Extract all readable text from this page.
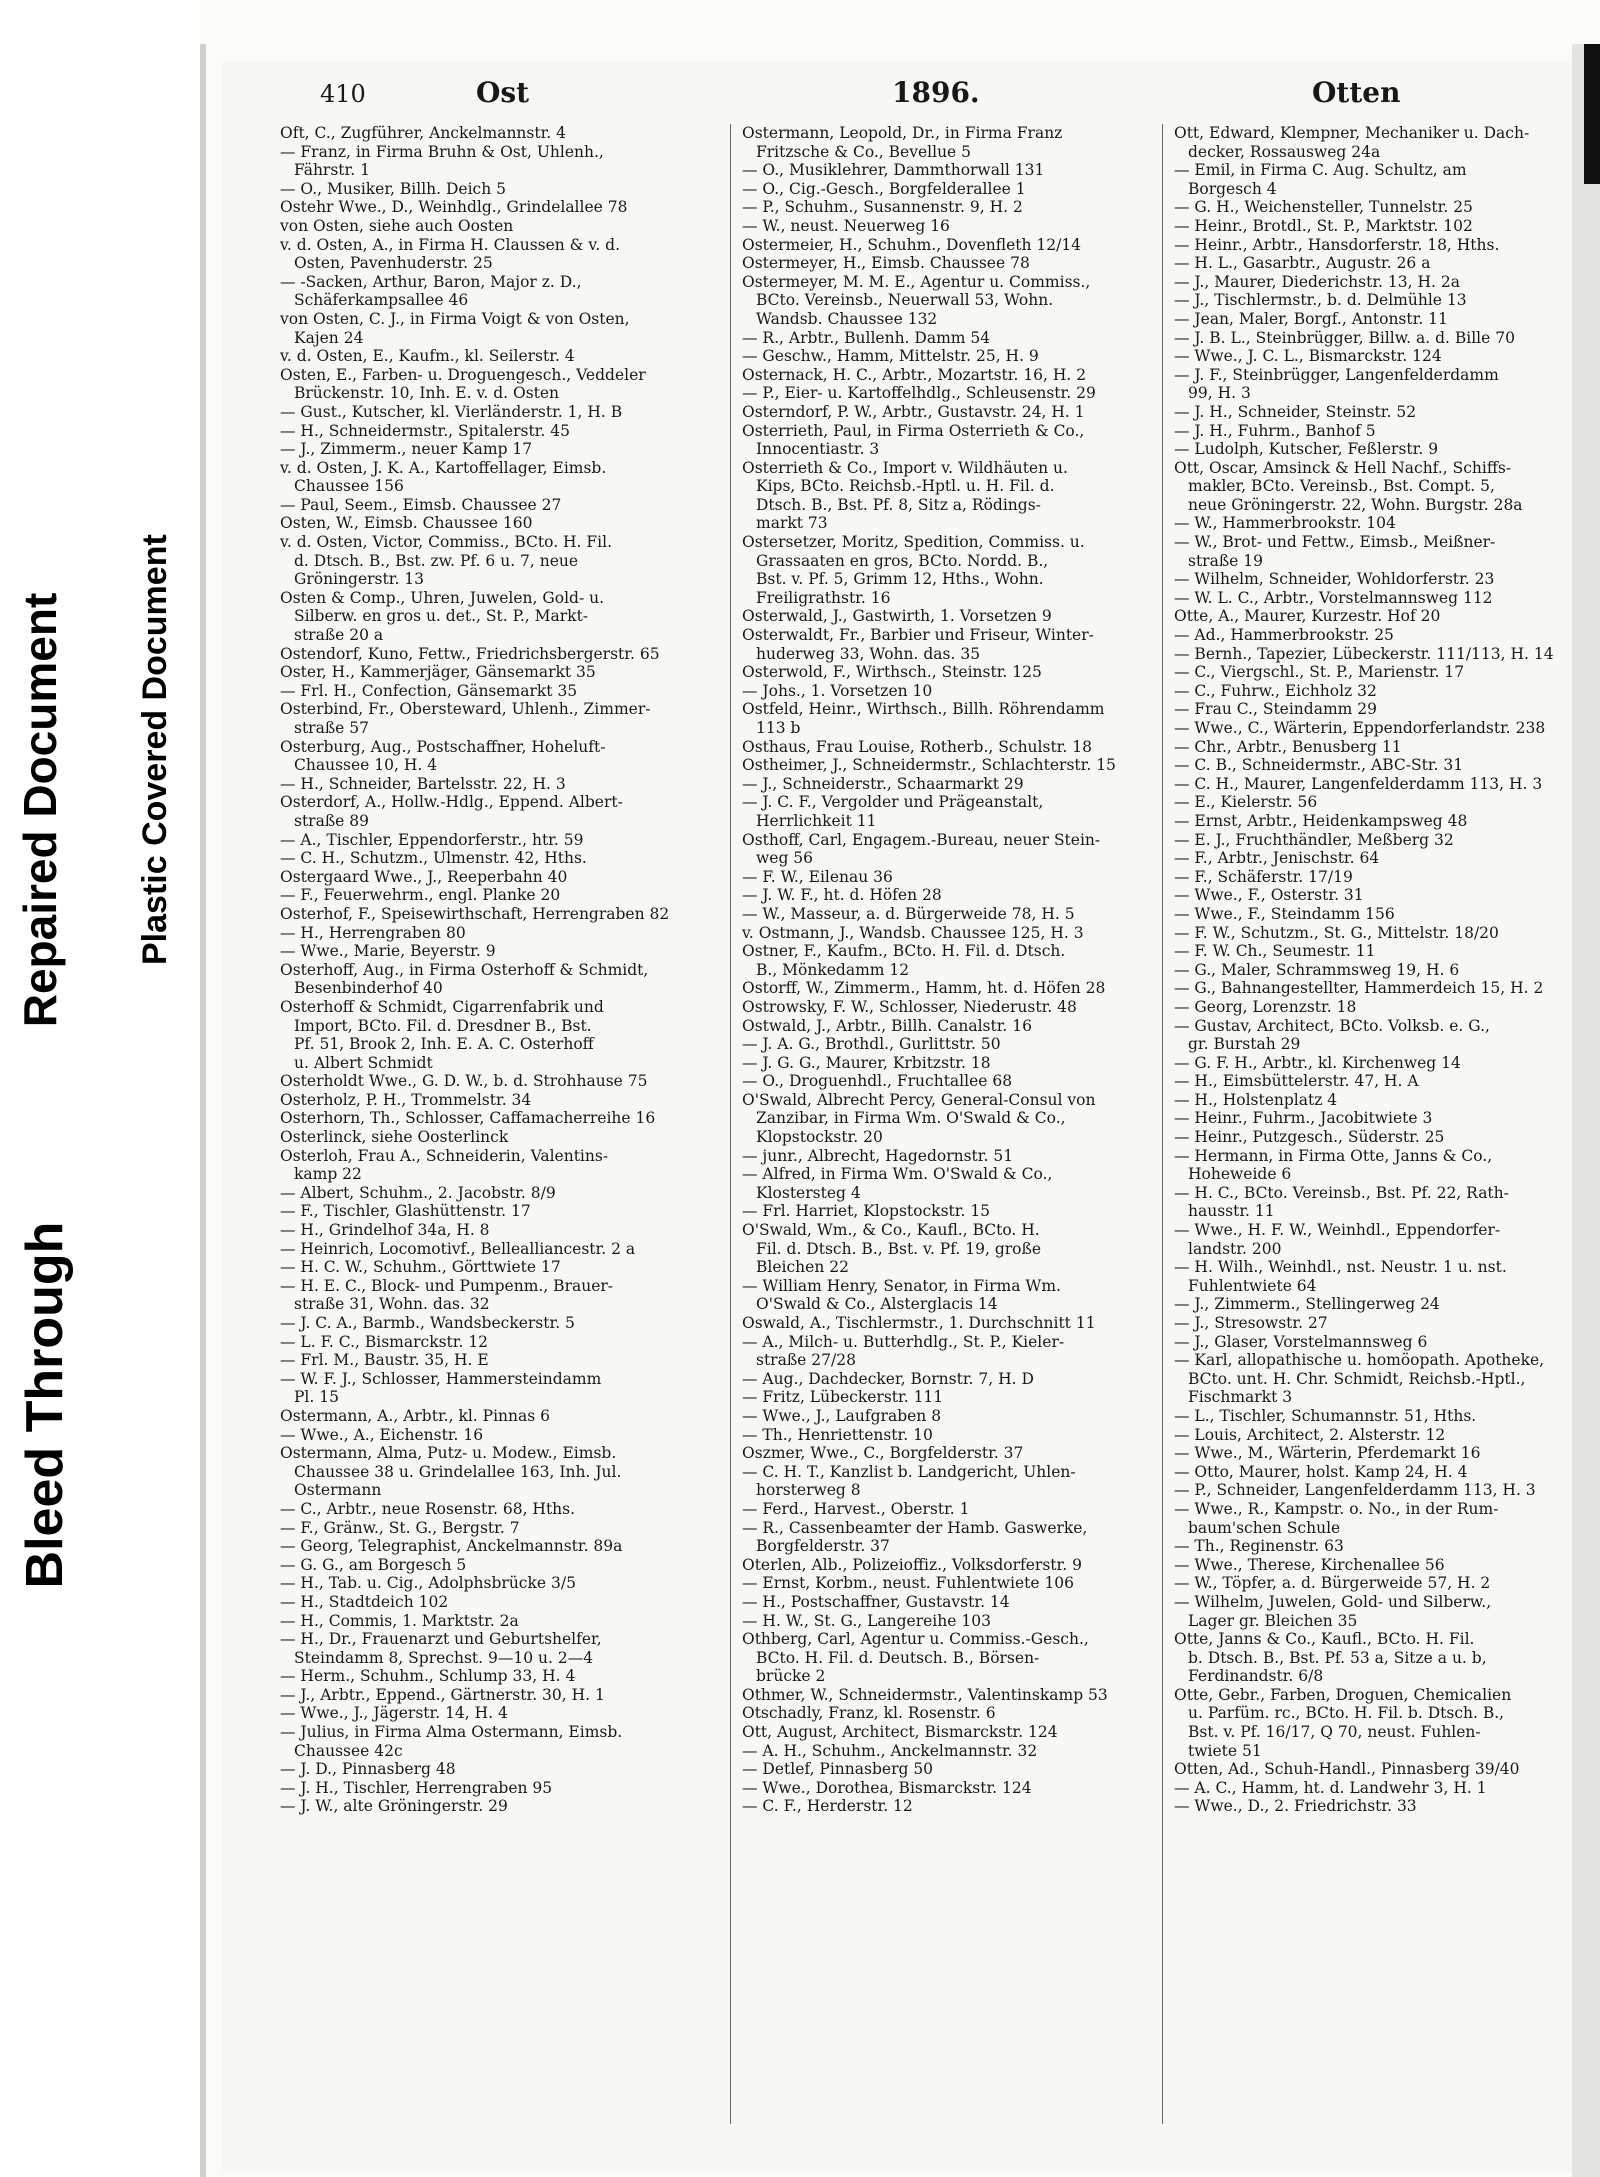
Bleed Through
Repaired Document Plastic Covered Document
410	Ost	1896.	Otten
Oft, C., Zugführer, Anckelmannstr. 4
— Franz, in Firma Bruhn & Ost, Uhlenh.,
Fährstr. 1
— O., Musiker, Billh. Deich 5
Ostehr Wwe., D., Weinhdlg., Grindelallee 78
von Osten, siehe auch Oosten
v. d. Osten, A., in Firma H. Claussen & v. d.
Osten, Pavenhuderstr. 25
— -Sacken, Arthur, Baron, Major z. D.,
Schäferkampsallee 46
von Osten, C. J., in Firma Voigt & von Osten,
Kajen 24
v. d. Osten, E., Kaufm., kl. Seilerstr. 4
Osten, E., Farben- u. Droguengesch., Veddeler
Brückenstr. 10, Inh. E. v. d. Osten
— Gust., Kutscher, kl. Vierländerstr. 1, H. B
— H., Schneidermstr., Spitalerstr. 45
— J., Zimmerm., neuer Kamp 17
v. d. Osten, J. K. A., Kartoffellager, Eimsb.
Chaussee 156
— Paul, Seem., Eimsb. Chaussee 27
Osten, W., Eimsb. Chaussee 160
v. d. Osten, Victor, Commiss., BCto. H. Fil.
d. Dtsch. B., Bst. zw. Pf. 6 u. 7, neue
Gröningerstr. 13
Osten & Comp., Uhren, Juwelen, Gold- u.
Silberw. en gros u. det., St. P., Markt-
straße 20 a
Ostendorf, Kuno, Fettw., Friedrichsbergerstr. 65
Oster, H., Kammerjäger, Gänsemarkt 35
— Frl. H., Confection, Gänsemarkt 35
Osterbind, Fr., Obersteward, Uhlenh., Zimmer-
straße 57
Osterburg, Aug., Postschaffner, Hoheluft-
Chaussee 10, H. 4
— H., Schneider, Bartelsstr. 22, H. 3
Osterdorf, A., Hollw.-Hdlg., Eppend. Albert-
straße 89
— A., Tischler, Eppendorferstr., htr. 59
— C. H., Schutzm., Ulmenstr. 42, Hths.
Ostergaard Wwe., J., Reeperbahn 40
— F., Feuerwehrm., engl. Planke 20
Osterhof, F., Speisewirthschaft, Herrengraben 82
— H., Herrengraben 80
— Wwe., Marie, Beyerstr. 9
Osterhoff, Aug., in Firma Osterhoff & Schmidt,
Besenbinderhof 40
Osterhoff & Schmidt, Cigarrenfabrik und
Import, BCto. Fil. d. Dresdner B., Bst.
Pf. 51, Brook 2, Inh. E. A. C. Osterhoff
u. Albert Schmidt
Osterholdt Wwe., G. D. W., b. d. Strohhause 75
Osterholz, P. H., Trommelstr. 34
Osterhorn, Th., Schlosser, Caffamacherreihe 16
Osterlinck, siehe Oosterlinck
Osterloh, Frau A., Schneiderin, Valentins-
kamp 22
— Albert, Schuhm., 2. Jacobstr. 8/9
— F., Tischler, Glashüttenstr. 17
— H., Grindelhof 34a, H. 8
— Heinrich, Locomotivf., Bellealliancestr. 2 a
— H. C. W., Schuhm., Görttwiete 17
— H. E. C., Block- und Pumpenm., Brauer-
straße 31, Wohn. das. 32
— J. C. A., Barmb., Wandsbeckerstr. 5
— L. F. C., Bismarckstr. 12
— Frl. M., Baustr. 35, H. E
— W. F. J., Schlosser, Hammersteindamm
Pl. 15
Ostermann, A., Arbtr., kl. Pinnas 6
— Wwe., A., Eichenstr. 16
Ostermann, Alma, Putz- u. Modew., Eimsb.
Chaussee 38 u. Grindelallee 163, Inh. Jul.
Ostermann
— C., Arbtr., neue Rosenstr. 68, Hths.
— F., Gränw., St. G., Bergstr. 7
— Georg, Telegraphist, Anckelmannstr. 89a
— G. G., am Borgesch 5
— H., Tab. u. Cig., Adolphsbrücke 3/5
— H., Stadtdeich 102
— H., Commis, 1. Marktstr. 2a
— H., Dr., Frauenarzt und Geburtshelfer,
Steindamm 8, Sprechst. 9—10 u. 2—4
— Herm., Schuhm., Schlump 33, H. 4
— J., Arbtr., Eppend., Gärtnerstr. 30, H. 1
— Wwe., J., Jägerstr. 14, H. 4
— Julius, in Firma Alma Ostermann, Eimsb.
Chaussee 42c
— J. D., Pinnasberg 48
— J. H., Tischler, Herrengraben 95
— J. W., alte Gröningerstr. 29
Ostermann, Leopold, Dr., in Firma Franz
Fritzsche & Co., Bevellue 5
— O., Musiklehrer, Dammthorwall 131
— O., Cig.-Gesch., Borgfelderallee 1
— P., Schuhm., Susannenstr. 9, H. 2
— W., neust. Neuerweg 16
Ostermeier, H., Schuhm., Dovenfleth 12/14
Ostermeyer, H., Eimsb. Chaussee 78
Ostermeyer, M. M. E., Agentur u. Commiss.,
BCto. Vereinsb., Neuerwall 53, Wohn.
Wandsb. Chaussee 132
— R., Arbtr., Bullenh. Damm 54
— Geschw., Hamm, Mittelstr. 25, H. 9
Osternack, H. C., Arbtr., Mozartstr. 16, H. 2
— P., Eier- u. Kartoffelhdlg., Schleusenstr. 29
Osterndorf, P. W., Arbtr., Gustavstr. 24, H. 1
Osterrieth, Paul, in Firma Osterrieth & Co.,
Innocentiastr. 3
Osterrieth & Co., Import v. Wildhäuten u.
Kips, BCto. Reichsb.-Hptl. u. H. Fil. d.
Dtsch. B., Bst. Pf. 8, Sitz a, Rödings-
markt 73
Ostersetzer, Moritz, Spedition, Commiss. u.
Grassaaten en gros, BCto. Nordd. B.,
Bst. v. Pf. 5, Grimm 12, Hths., Wohn.
Freiligrathstr. 16
Osterwald, J., Gastwirth, 1. Vorsetzen 9
Osterwaldt, Fr., Barbier und Friseur, Winter-
huderweg 33, Wohn. das. 35
Osterwold, F., Wirthsch., Steinstr. 125
— Johs., 1. Vorsetzen 10
Ostfeld, Heinr., Wirthsch., Billh. Röhrendamm
113 b
Osthaus, Frau Louise, Rotherb., Schulstr. 18
Ostheimer, J., Schneidermstr., Schlachterstr. 15
— J., Schneiderstr., Schaarmarkt 29
— J. C. F., Vergolder und Prägeanstalt,
Herrlichkeit 11
Osthoff, Carl, Engagem.-Bureau, neuer Stein-
weg 56
— F. W., Eilenau 36
— J. W. F., ht. d. Höfen 28
— W., Masseur, a. d. Bürgerweide 78, H. 5
v. Ostmann, J., Wandsb. Chaussee 125, H. 3
Ostner, F., Kaufm., BCto. H. Fil. d. Dtsch.
B., Mönkedamm 12
Ostorff, W., Zimmerm., Hamm, ht. d. Höfen 28
Ostrowsky, F. W., Schlosser, Niederustr. 48
Ostwald, J., Arbtr., Billh. Canalstr. 16
— J. A. G., Brothdl., Gurlittstr. 50
— J. G. G., Maurer, Krbitzstr. 18
— O., Droguenhdl., Fruchtallee 68
O'Swald, Albrecht Percy, General-Consul von
Zanzibar, in Firma Wm. O'Swald & Co.,
Klopstockstr. 20
— junr., Albrecht, Hagedornstr. 51
— Alfred, in Firma Wm. O'Swald & Co.,
Klostersteg 4
— Frl. Harriet, Klopstockstr. 15
O'Swald, Wm., & Co., Kaufl., BCto. H.
Fil. d. Dtsch. B., Bst. v. Pf. 19, große
Bleichen 22
— William Henry, Senator, in Firma Wm.
O'Swald & Co., Alsterglacis 14
Oswald, A., Tischlermstr., 1. Durchschnitt 11
— A., Milch- u. Butterhdlg., St. P., Kieler-
straße 27/28
— Aug., Dachdecker, Bornstr. 7, H. D
— Fritz, Lübeckerstr. 111
— Wwe., J., Laufgraben 8
— Th., Henriettenstr. 10
Oszmer, Wwe., C., Borgfelderstr. 37
— C. H. T., Kanzlist b. Landgericht, Uhlen-
horsterweg 8
— Ferd., Harvest., Oberstr. 1
— R., Cassenbeamter der Hamb. Gaswerke,
Borgfelderstr. 37
Oterlen, Alb., Polizeioffiz., Volksdorferstr. 9
— Ernst, Korbm., neust. Fuhlentwiete 106
— H., Postschaffner, Gustavstr. 14
— H. W., St. G., Langereihe 103
Othberg, Carl, Agentur u. Commiss.-Gesch.,
BCto. H. Fil. d. Deutsch. B., Börsen-
brücke 2
Othmer, W., Schneidermstr., Valentinskamp 53
Otschadly, Franz, kl. Rosenstr. 6
Ott, August, Architect, Bismarckstr. 124
— A. H., Schuhm., Anckelmannstr. 32
— Detlef, Pinnasberg 50
— Wwe., Dorothea, Bismarckstr. 124
— C. F., Herderstr. 12
Ott, Edward, Klempner, Mechaniker u. Dach-
decker, Rossausweg 24a
— Emil, in Firma C. Aug. Schultz, am
Borgesch 4
— G. H., Weichensteller, Tunnelstr. 25
— Heinr., Brotdl., St. P., Marktstr. 102
— Heinr., Arbtr., Hansdorferstr. 18, Hths.
— H. L., Gasarbtr., Augustr. 26 a
— J., Maurer, Diederichstr. 13, H. 2a
— J., Tischlermstr., b. d. Delmühle 13
— Jean, Maler, Borgf., Antonstr. 11
— J. B. L., Steinbrügger, Billw. a. d. Bille 70
— Wwe., J. C. L., Bismarckstr. 124
— J. F., Steinbrügger, Langenfelderdamm
99, H. 3
— J. H., Schneider, Steinstr. 52
— J. H., Fuhrm., Banhof 5
— Ludolph, Kutscher, Feßlerstr. 9
Ott, Oscar, Amsinck & Hell Nachf., Schiffs-
makler, BCto. Vereinsb., Bst. Compt. 5,
neue Gröningerstr. 22, Wohn. Burgstr. 28a
— W., Hammerbrookstr. 104
— W., Brot- und Fettw., Eimsb., Meißner-
straße 19
— Wilhelm, Schneider, Wohldorferstr. 23
— W. L. C., Arbtr., Vorstelmannsweg 112
Otte, A., Maurer, Kurzestr. Hof 20
— Ad., Hammerbrookstr. 25
— Bernh., Tapezier, Lübeckerstr. 111/113, H. 14
— C., Viergschl., St. P., Marienstr. 17
— C., Fuhrw., Eichholz 32
— Frau C., Steindamm 29
— Wwe., C., Wärterin, Eppendorferlandstr. 238
— Chr., Arbtr., Benusberg 11
— C. B., Schneidermstr., ABC-Str. 31
— C. H., Maurer, Langenfelderdamm 113, H. 3
— E., Kielerstr. 56
— Ernst, Arbtr., Heidenkampsweg 48
— E. J., Fruchthändler, Meßberg 32
— F., Arbtr., Jenischstr. 64
— F., Schäferstr. 17/19
— Wwe., F., Osterstr. 31
— Wwe., F., Steindamm 156
— F. W., Schutzm., St. G., Mittelstr. 18/20
— F. W. Ch., Seumestr. 11
— G., Maler, Schrammsweg 19, H. 6
— G., Bahnangestellter, Hammerdeich 15, H. 2
— Georg, Lorenzstr. 18
— Gustav, Architect, BCto. Volksb. e. G.,
gr. Burstah 29
— G. F. H., Arbtr., kl. Kirchenweg 14
— H., Eimsbüttelerstr. 47, H. A
— H., Holstenplatz 4
— Heinr., Fuhrm., Jacobitwiete 3
— Heinr., Putzgesch., Süderstr. 25
— Hermann, in Firma Otte, Janns & Co.,
Hoheweide 6
— H. C., BCto. Vereinsb., Bst. Pf. 22, Rath-
hausstr. 11
— Wwe., H. F. W., Weinhdl., Eppendorfer-
landstr. 200
— H. Wilh., Weinhdl., nst. Neustr. 1 u. nst.
Fuhlentwiete 64
— J., Zimmerm., Stellingerweg 24
— J., Stresowstr. 27
— J., Glaser, Vorstelmannsweg 6
— Karl, allopathische u. homöopath. Apotheke,
BCto. unt. H. Chr. Schmidt, Reichsb.-Hptl.,
Fischmarkt 3
— L., Tischler, Schumannstr. 51, Hths.
— Louis, Architect, 2. Alsterstr. 12
— Wwe., M., Wärterin, Pferdemarkt 16
— Otto, Maurer, holst. Kamp 24, H. 4
— P., Schneider, Langenfelderdamm 113, H. 3
— Wwe., R., Kampstr. o. No., in der Rum-
baum'schen Schule
— Th., Reginenstr. 63
— Wwe., Therese, Kirchenallee 56
— W., Töpfer, a. d. Bürgerweide 57, H. 2
— Wilhelm, Juwelen, Gold- und Silberw.,
Lager gr. Bleichen 35
Otte, Janns & Co., Kaufl., BCto. H. Fil.
b. Dtsch. B., Bst. Pf. 53 a, Sitze a u. b,
Ferdinandstr. 6/8
Otte, Gebr., Farben, Droguen, Chemicalien
u. Parfüm. rc., BCto. H. Fil. b. Dtsch. B.,
Bst. v. Pf. 16/17, Q 70, neust. Fuhlen-
twiete 51
Otten, Ad., Schuh-Handl., Pinnasberg 39/40
— A. C., Hamm, ht. d. Landwehr 3, H. 1
— Wwe., D., 2. Friedrichstr. 33
